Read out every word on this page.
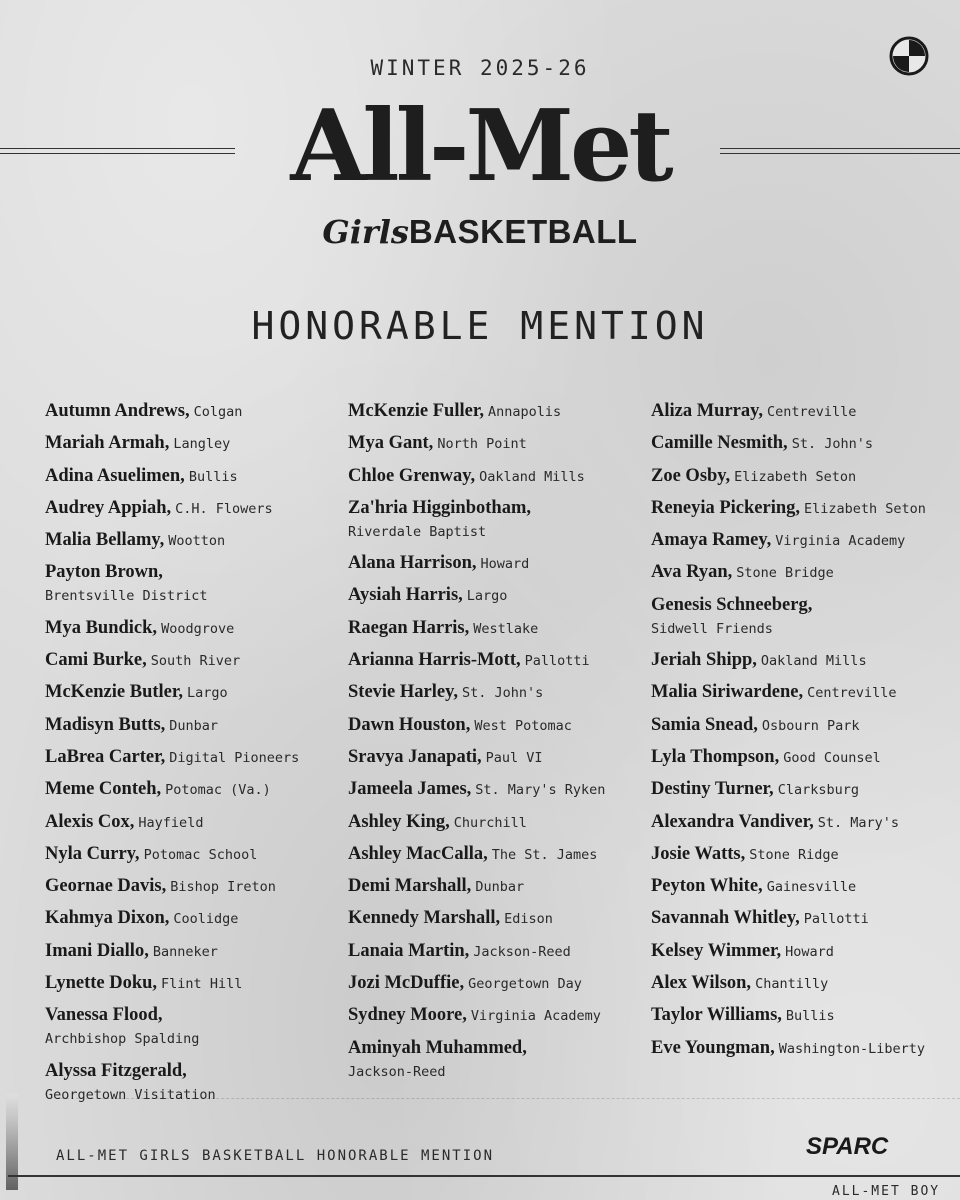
WINTER 2025-26
All-Met
GirlsBASKETBALL
HONORABLE MENTION
Autumn Andrews, Colgan
Mariah Armah, Langley
Adina Asuelimen, Bullis
Audrey Appiah, C.H. Flowers
Malia Bellamy, Wootton
Payton Brown,
Brentsville District
Mya Bundick, Woodgrove
Cami Burke, South River
McKenzie Butler, Largo
Madisyn Butts, Dunbar
LaBrea Carter, Digital Pioneers
Meme Conteh, Potomac (Va.)
Alexis Cox, Hayfield
Nyla Curry, Potomac School
Geornae Davis, Bishop Ireton
Kahmya Dixon, Coolidge
Imani Diallo, Banneker
Lynette Doku, Flint Hill
Vanessa Flood,
Archbishop Spalding
Alyssa Fitzgerald,
Georgetown Visitation
McKenzie Fuller, Annapolis
Mya Gant, North Point
Chloe Grenway, Oakland Mills
Za'hria Higginbotham,
Riverdale Baptist
Alana Harrison, Howard
Aysiah Harris, Largo
Raegan Harris, Westlake
Arianna Harris-Mott, Pallotti
Stevie Harley, St. John's
Dawn Houston, West Potomac
Sravya Janapati, Paul VI
Jameela James, St. Mary's Ryken
Ashley King, Churchill
Ashley MacCalla, The St. James
Demi Marshall, Dunbar
Kennedy Marshall, Edison
Lanaia Martin, Jackson-Reed
Jozi McDuffie, Georgetown Day
Sydney Moore, Virginia Academy
Aminyah Muhammed,
Jackson-Reed
Aliza Murray, Centreville
Camille Nesmith, St. John's
Zoe Osby, Elizabeth Seton
Reneyia Pickering, Elizabeth Seton
Amaya Ramey, Virginia Academy
Ava Ryan, Stone Bridge
Genesis Schneeberg,
Sidwell Friends
Jeriah Shipp, Oakland Mills
Malia Siriwardene, Centreville
Samia Snead, Osbourn Park
Lyla Thompson, Good Counsel
Destiny Turner, Clarksburg
Alexandra Vandiver, St. Mary's
Josie Watts, Stone Ridge
Peyton White, Gainesville
Savannah Whitley, Pallotti
Kelsey Wimmer, Howard
Alex Wilson, Chantilly
Taylor Williams, Bullis
Eve Youngman, Washington-Liberty
ALL-MET GIRLS BASKETBALL HONORABLE MENTION	SPARC
ALL-MET BOY
